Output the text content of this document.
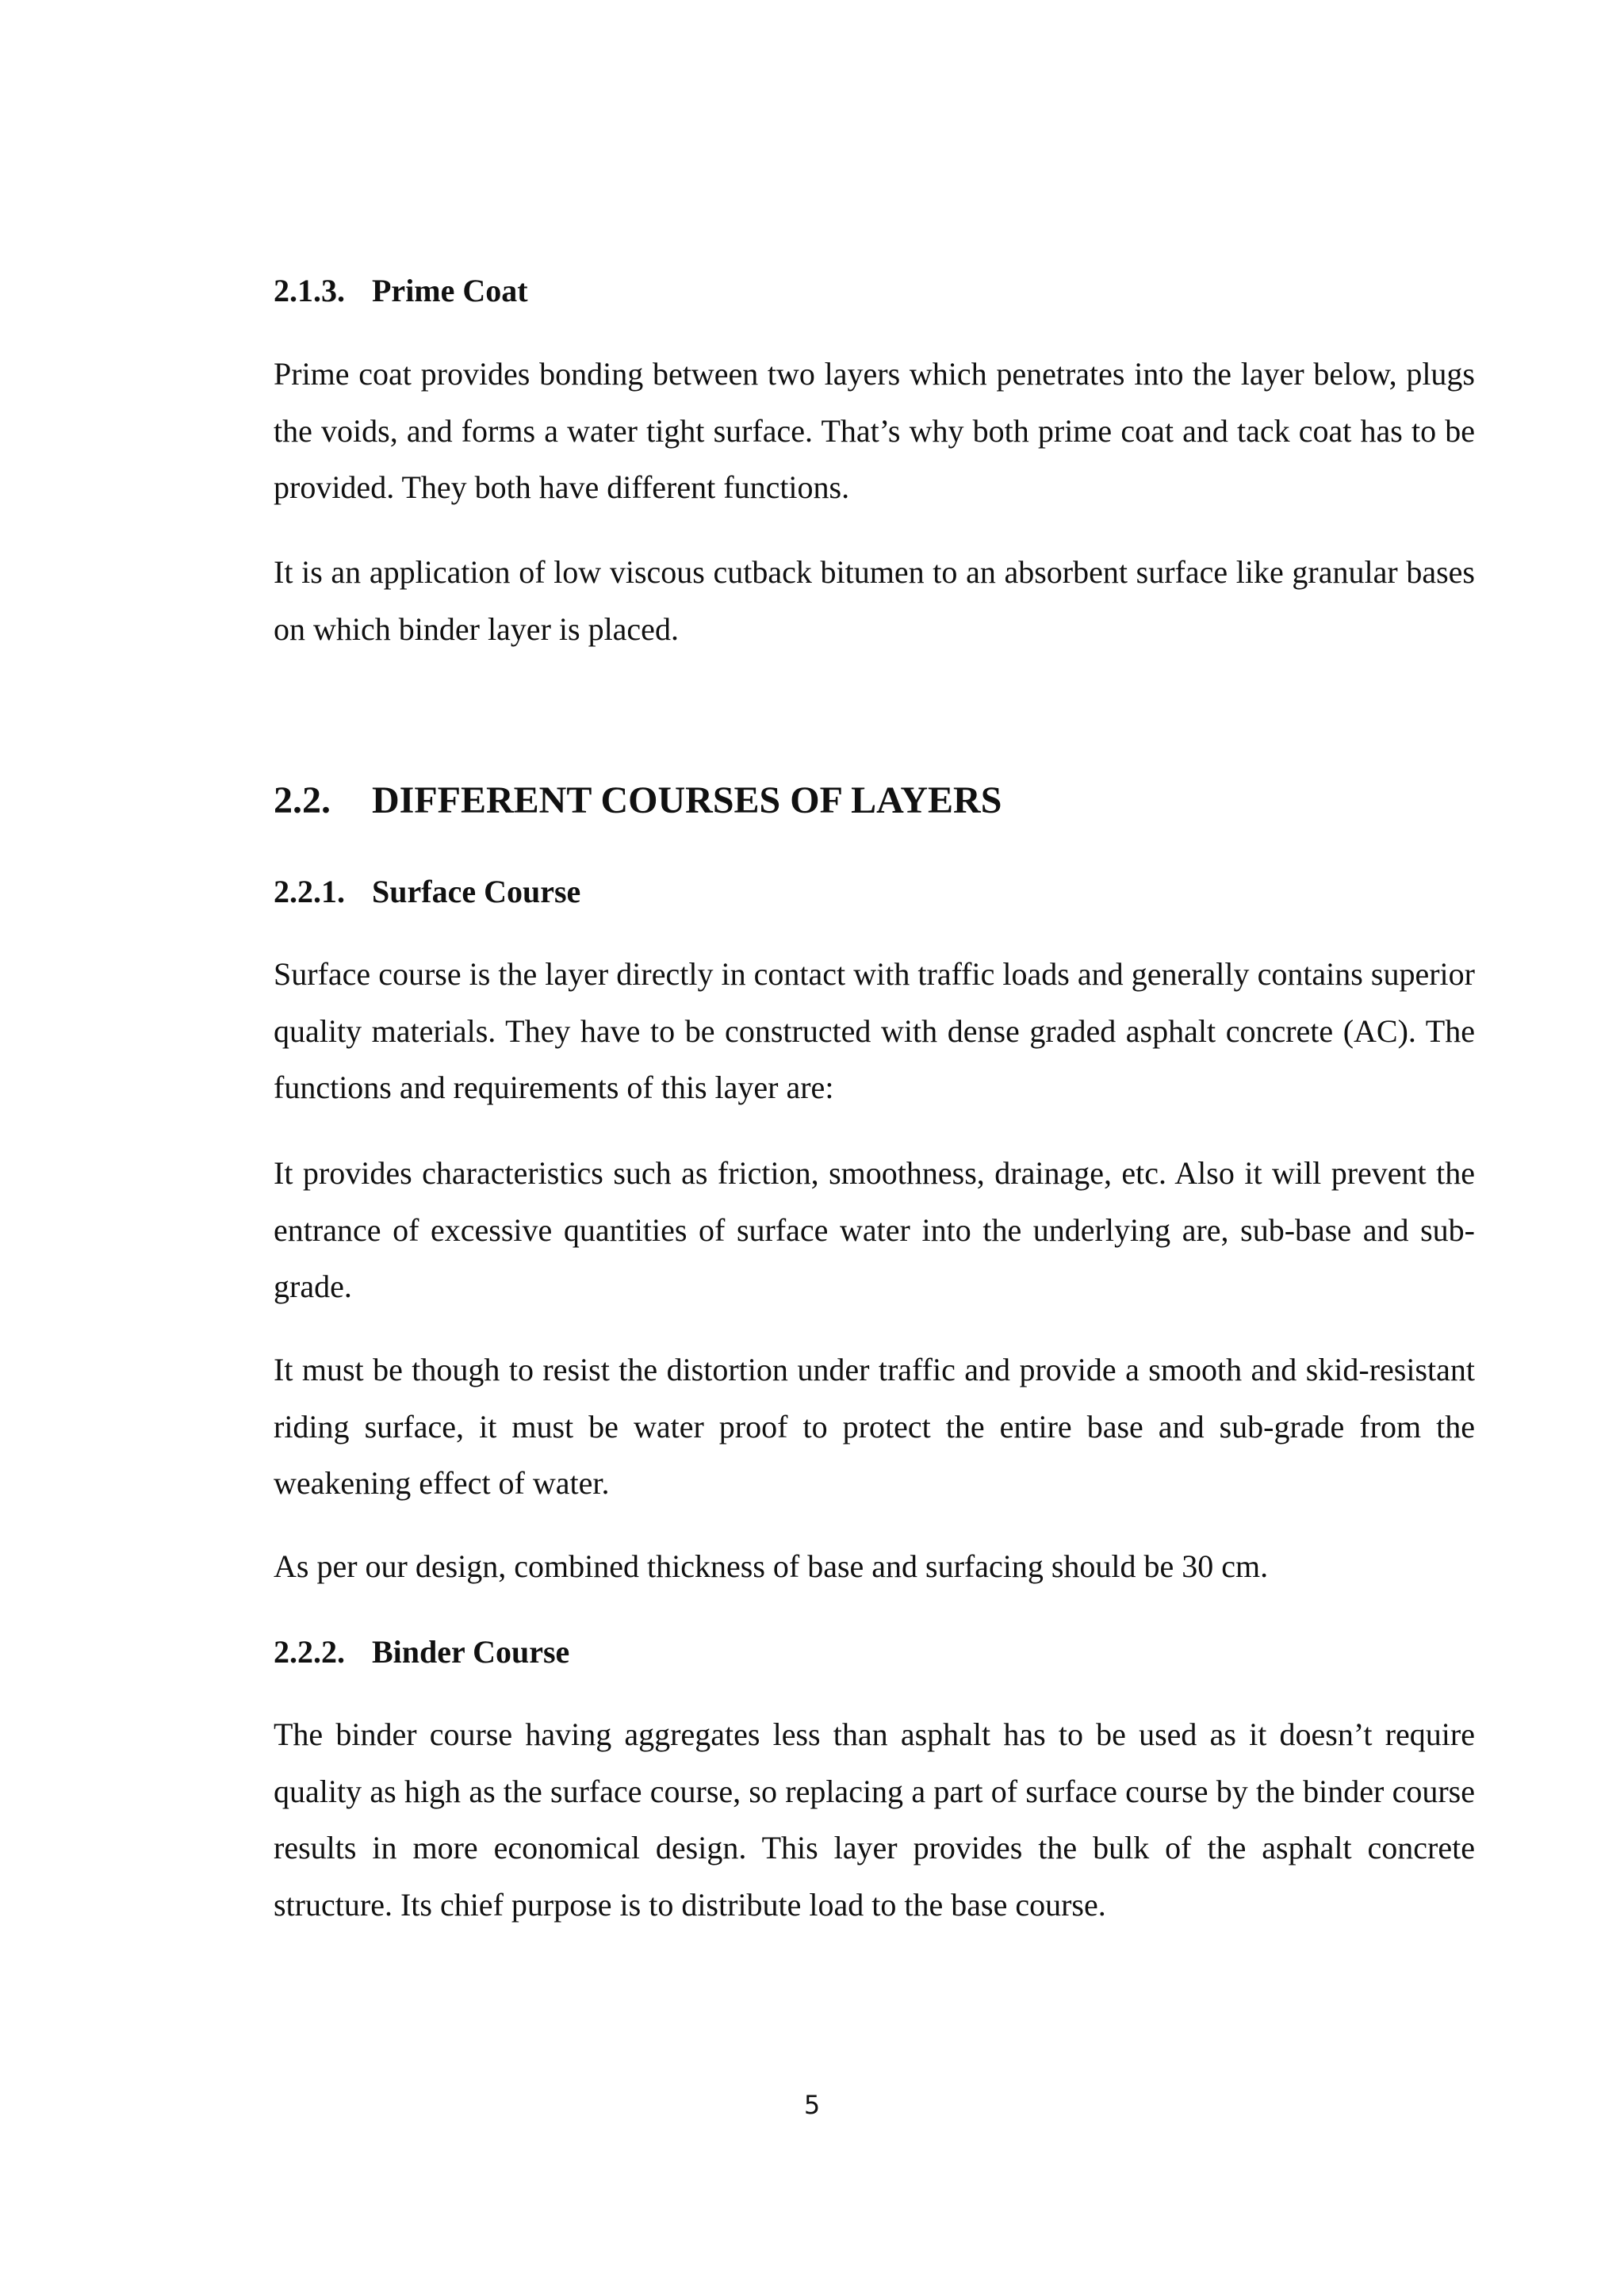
2.1.3. Prime Coat

Prime coat provides bonding between two layers which penetrates into the layer below, plugs the voids, and forms a water tight surface. That’s why both prime coat and tack coat has to be provided. They both have different functions.

It is an application of low viscous cutback bitumen to an absorbent surface like granular bases on which binder layer is placed.

2.2. DIFFERENT COURSES OF LAYERS
2.2.1. Surface Course

Surface course is the layer directly in contact with traffic loads and generally contains superior quality materials. They have to be constructed with dense graded asphalt concrete (AC). The functions and requirements of this layer are:

It provides characteristics such as friction, smoothness, drainage, etc. Also it will prevent the entrance of excessive quantities of surface water into the underlying are, sub-base and sub-grade.

It must be though to resist the distortion under traffic and provide a smooth and skid-resistant riding surface, it must be water proof to protect the entire base and sub-grade from the weakening effect of water.

As per our design, combined thickness of base and surfacing should be 30 cm.

2.2.2. Binder Course

The binder course having aggregates less than asphalt has to be used as it doesn’t require quality as high as the surface course, so replacing a part of surface course by the binder course results in more economical design. This layer provides the bulk of the asphalt concrete structure. Its chief purpose is to distribute load to the base course.

5
